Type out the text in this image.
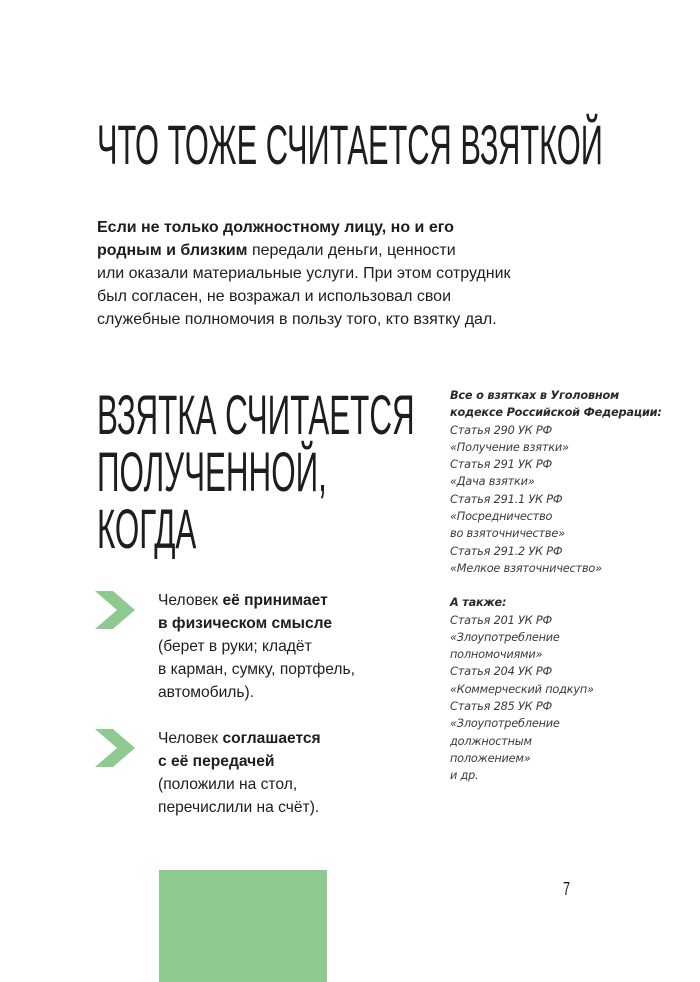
ЧТО ТОЖЕ СЧИТАЕТСЯ ВЗЯТКОЙ

Если не только должностному лицу, но и его
родным и близким передали деньги, ценности
или оказали материальные услуги. При этом сотрудник
был согласен, не возражал и использовал свои
служебные полномочия в пользу того, кто взятку дал.

ВЗЯТКА СЧИТАЕТСЯ
ПОЛУЧЕННОЙ,
КОГДА
Все о взятках в Уголовном
кодексе Российской Федерации:
Статья 290 УК РФ
«Получение взятки»
Статья 291 УК РФ
«Дача взятки»
Статья 291.1 УК РФ
«Посредничество
во взяточничестве»
Статья 291.2 УК РФ
«Мелкое взяточничество»
А также:
Статья 201 УК РФ
«Злоупотребление
полномочиями»
Статья 204 УК РФ
«Коммерческий подкуп»
Статья 285 УК РФ
«Злоупотребление
должностным
положением»
и др.
Человек её принимает
в физическом смысле
(берет в руки; кладёт
в карман, сумку, портфель,
автомобиль).
Человек соглашается
с её передачей
(положили на стол,
перечислили на счёт).
7
